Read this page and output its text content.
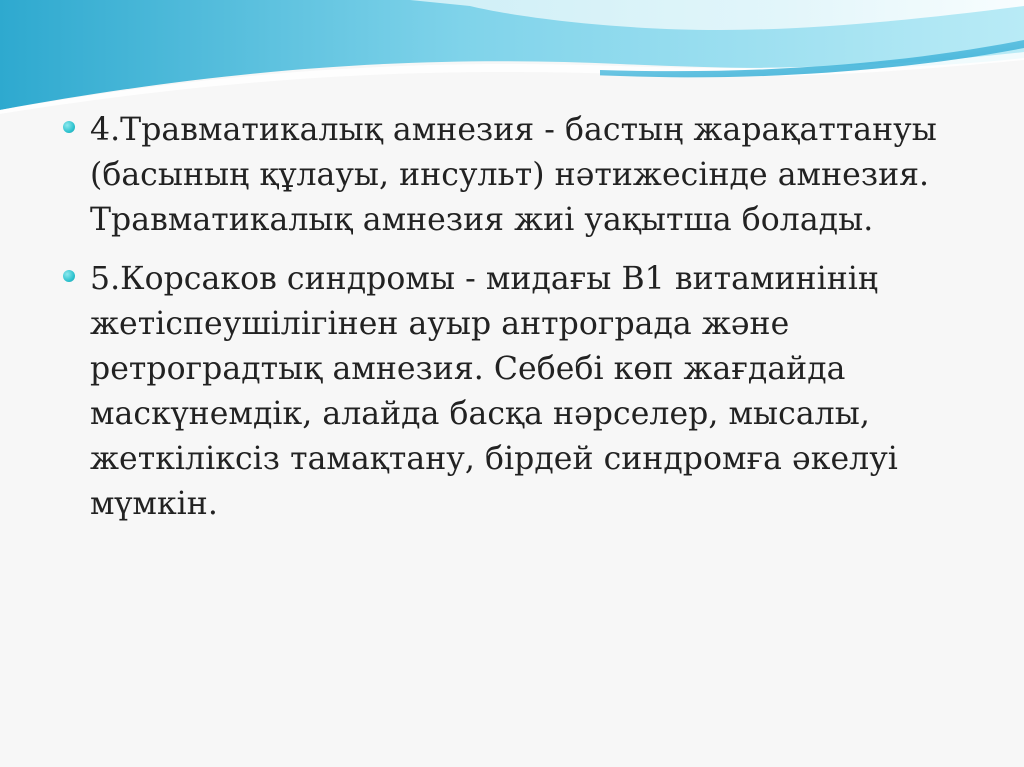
4.Травматикалық амнезия - бастың жарақаттануы (басының құлауы, инсульт) нәтижесінде амнезия. Травматикалық амнезия жиі уақытша болады.
5.Корсаков синдромы - мидағы В1 витаминінің жетіспеушілігінен ауыр антроградa және ретроградтық амнезия. Себебі көп жағдайда маскүнемдік, алайда басқа нәрселер, мысалы, жеткіліксіз тамақтану, бірдей синдромға әкелуі мүмкін.
